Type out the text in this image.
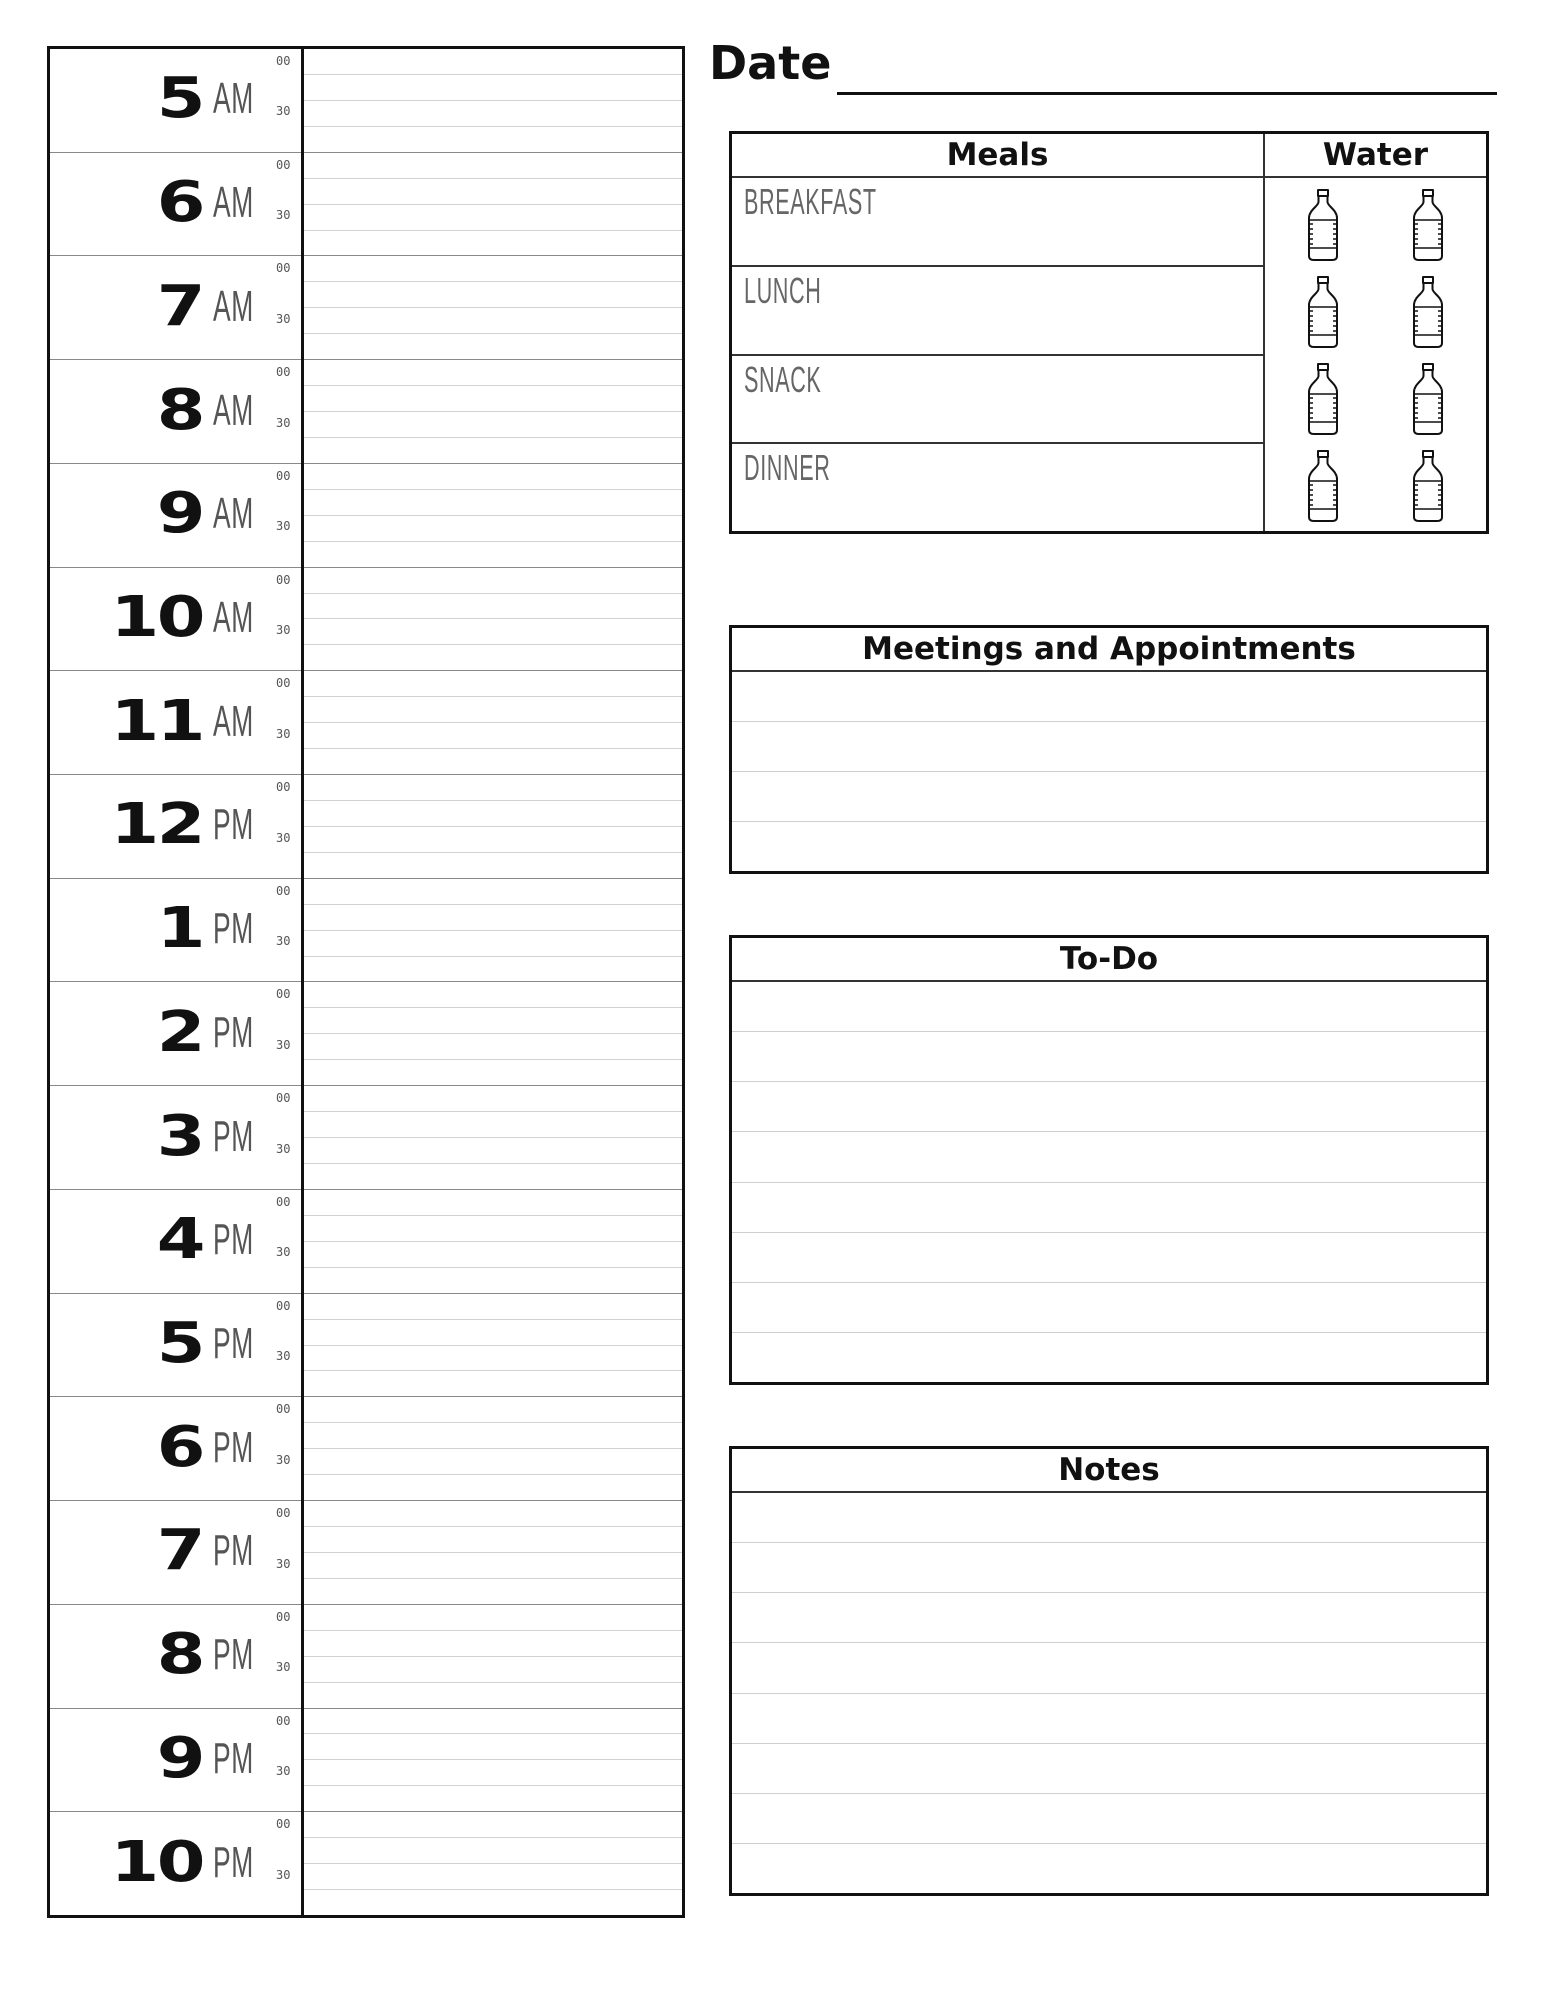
5 AM
00
30
6 AM
00
30
7 AM
00
30
8 AM
00
30
9 AM
00
30
10 AM
00
30
11 AM
00
30
12 PM
00
30
1 PM
00
30
2 PM
00
30
3 PM
00
30
4 PM
00
30
5 PM
00
30
6 PM
00
30
7 PM
00
30
8 PM
00
30
9 PM
00
30
10 PM
00
30
Date
Meals
BREAKFAST
LUNCH
SNACK
DINNER
Water
Meetings and Appointments
To-Do
Notes
